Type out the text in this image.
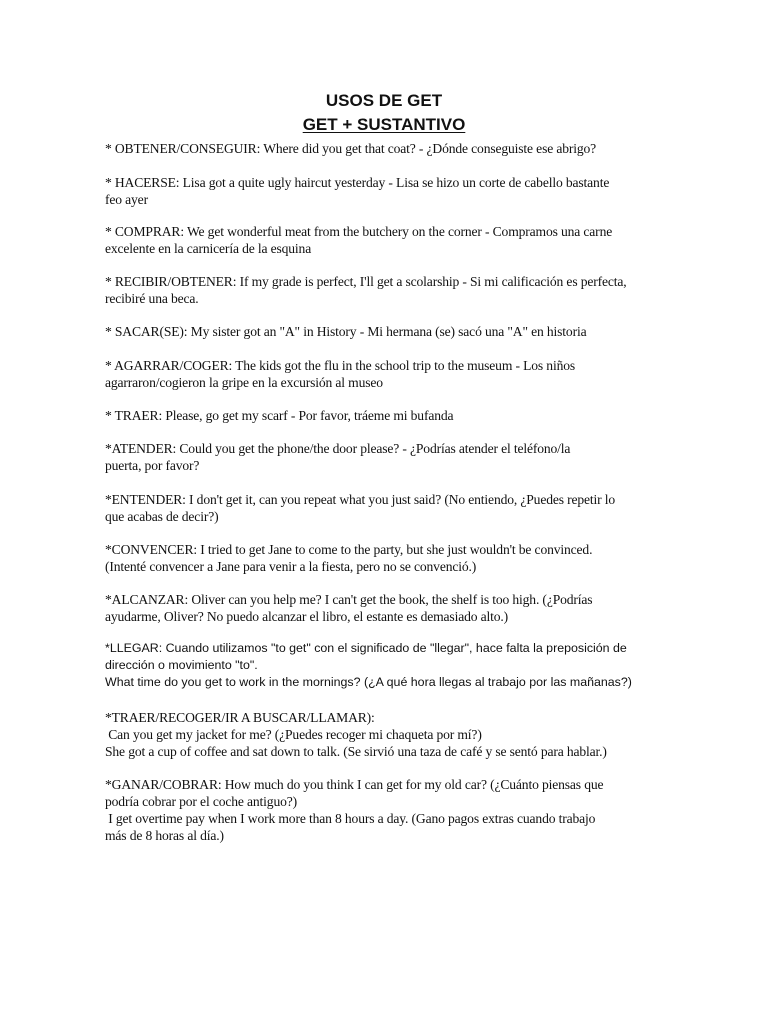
USOS DE GET
GET + SUSTANTIVO
* OBTENER/CONSEGUIR: Where did you get that coat? - ¿Dónde conseguiste ese abrigo?
* HACERSE: Lisa got a quite ugly haircut yesterday - Lisa se hizo un corte de cabello bastante
feo ayer
* COMPRAR: We get wonderful meat from the butchery on the corner - Compramos una carne
excelente en la carnicería de la esquina
* RECIBIR/OBTENER: If my grade is perfect, I'll get a scolarship - Si mi calificación es perfecta,
recibiré una beca.
* SACAR(SE): My sister got an "A" in History - Mi hermana (se) sacó una "A" en historia
* AGARRAR/COGER: The kids got the flu in the school trip to the museum - Los niños
agarraron/cogieron la gripe en la excursión al museo
* TRAER: Please, go get my scarf - Por favor, tráeme mi bufanda
*ATENDER: Could you get the phone/the door please? - ¿Podrías atender el teléfono/la
puerta, por favor?
*ENTENDER: I don't get it, can you repeat what you just said? (No entiendo, ¿Puedes repetir lo
que acabas de decir?)
*CONVENCER: I tried to get Jane to come to the party, but she just wouldn't be convinced.
(Intenté convencer a Jane para venir a la fiesta, pero no se convenció.)
*ALCANZAR: Oliver can you help me? I can't get the book, the shelf is too high. (¿Podrías
ayudarme, Oliver? No puedo alcanzar el libro, el estante es demasiado alto.)
*LLEGAR: Cuando utilizamos "to get" con el significado de "llegar", hace falta la preposición de
dirección o movimiento "to".
What time do you get to work in the mornings? (¿A qué hora llegas al trabajo por las mañanas?)
*TRAER/RECOGER/IR A BUSCAR/LLAMAR):
Can you get my jacket for me? (¿Puedes recoger mi chaqueta por mí?)
She got a cup of coffee and sat down to talk. (Se sirvió una taza de café y se sentó para hablar.)
*GANAR/COBRAR: How much do you think I can get for my old car? (¿Cuánto piensas que
podría cobrar por el coche antiguo?)
I get overtime pay when I work more than 8 hours a day. (Gano pagos extras cuando trabajo
más de 8 horas al día.)
